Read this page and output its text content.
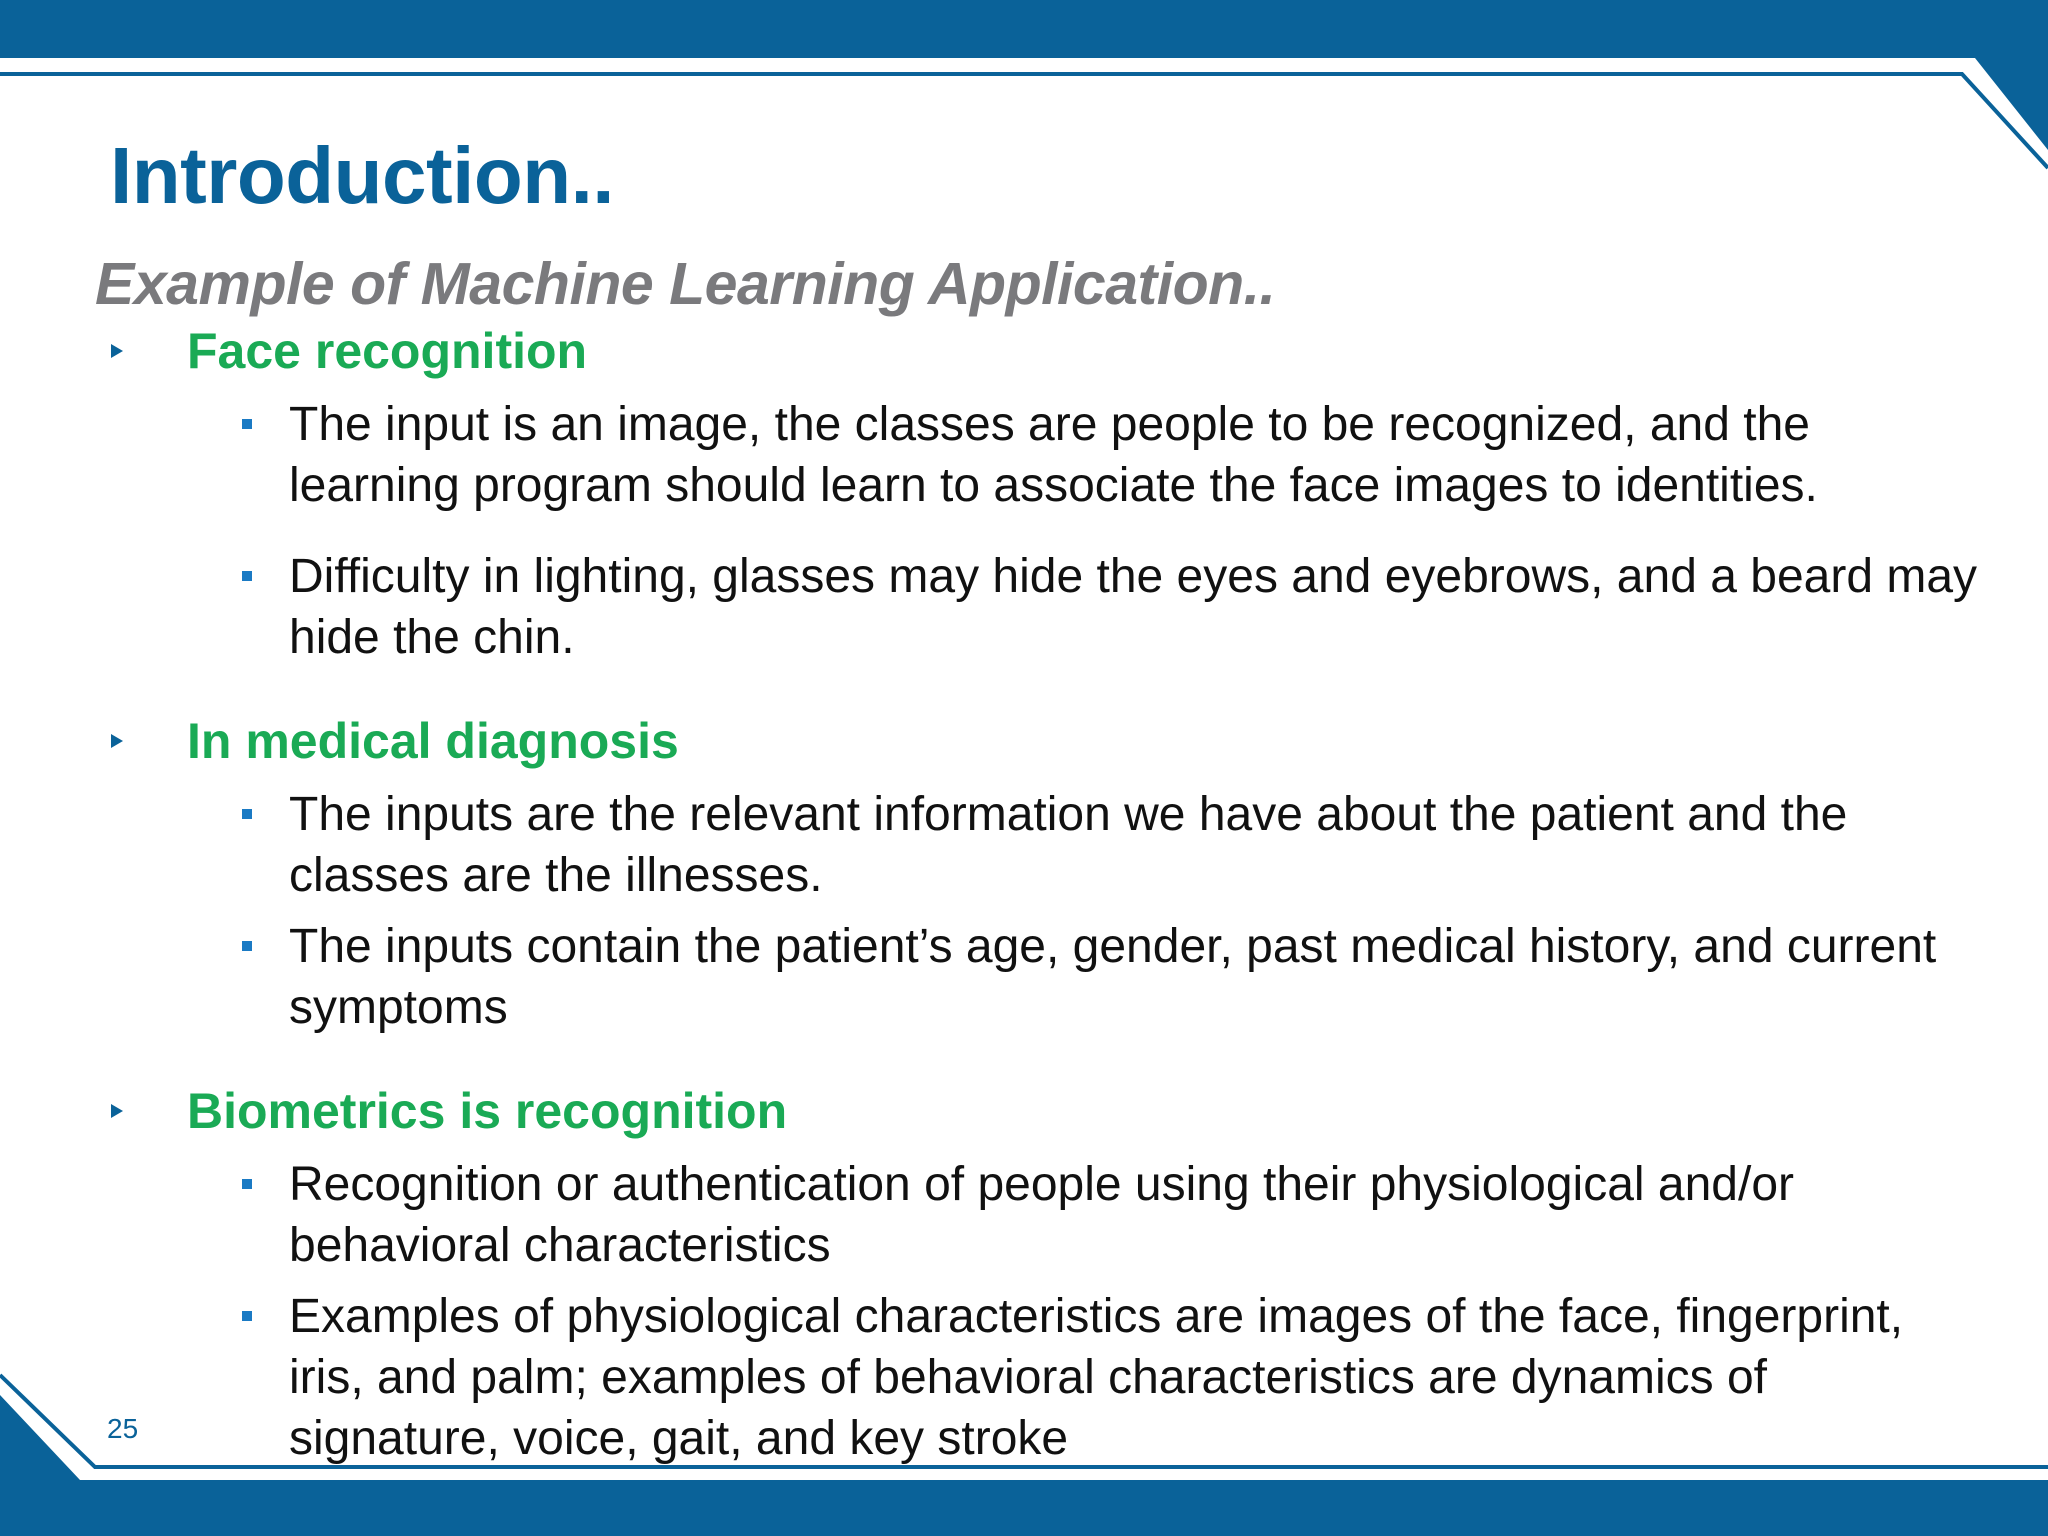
Introduction..
Example of Machine Learning Application..
Face recognition
The input is an image, the classes are people to be recognized, and the learning program should learn to associate the face images to identities.
Difficulty in lighting, glasses may hide the eyes and eyebrows, and a beard may hide the chin.
In medical diagnosis
The inputs are the relevant information we have about the patient and the classes are the illnesses.
The inputs contain the patient’s age, gender, past medical history, and current symptoms
Biometrics is recognition
Recognition or authentication of people using their physiological and/or behavioral characteristics
Examples of physiological characteristics are images of the face, fingerprint, iris, and palm; examples of behavioral characteristics are dynamics of signature, voice, gait, and key stroke
25
